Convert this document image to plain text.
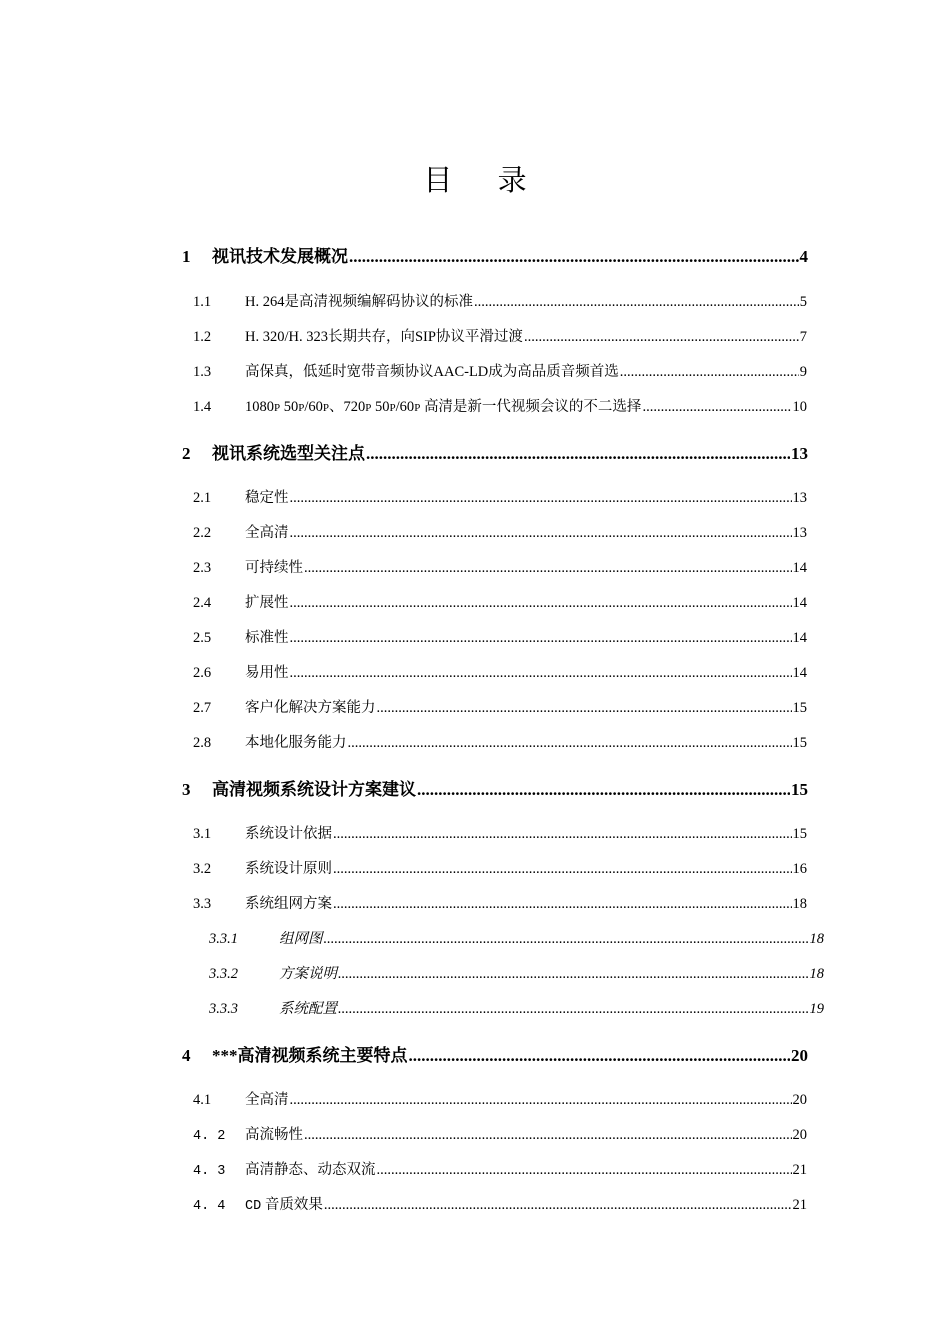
目 录
1	视讯技术发展概况 .....	4
1.1	H. 264是高清视频编解码协议的标准 .....	5
1.2	H. 320/H. 323长期共存，向SIP协议平滑过渡 .....	7
1.3	高保真，低延时宽带音频协议AAC-LD成为高品质音频首选 .....	9
1.4	1080P 50P/60P、720P 50P/60P 高清是新一代视频会议的不二选择 .....	10
2	视讯系统选型关注点 .....	13
2.1	稳定性 .....	13
2.2	全高清 .....	13
2.3	可持续性 .....	14
2.4	扩展性 .....	14
2.5	标准性 .....	14
2.6	易用性 .....	14
2.7	客户化解决方案能力 .....	15
2.8	本地化服务能力 .....	15
3	高清视频系统设计方案建议 .....	15
3.1	系统设计依据 .....	15
3.2	系统设计原则 .....	16
3.3	系统组网方案 .....	18
3.3.1	组网图 .....	18
3.3.2	方案说明 .....	18
3.3.3	系统配置 .....	19
4	***高清视频系统主要特点 .....	20
4.1	全高清 .....	20
4. 2	高流畅性 .....	20
4. 3	高清静态、动态双流 .....	21
4. 4	CD 音质效果 .....	21
